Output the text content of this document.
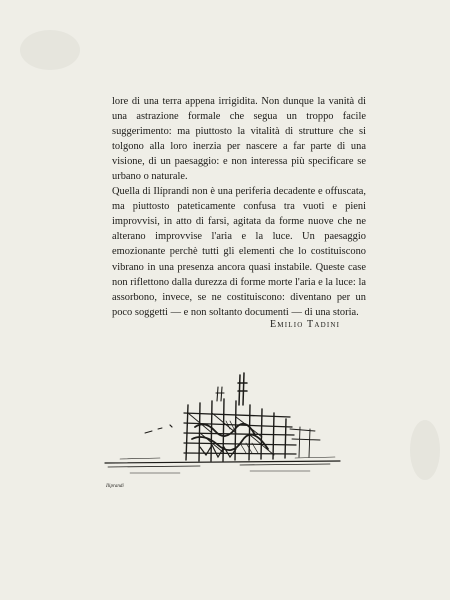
lore di una terra appena irrigidita. Non dunque la vanità di una astrazione formale che segua un troppo facile suggerimento: ma piuttosto la vitalità di strutture che si tolgono alla loro inerzia per nascere a far parte di una visione, di un paesaggio: e non interessa più specificare se urbano o naturale.

Quella di Ilíprandi non è una periferia decadente e offuscata, ma piuttosto pateticamente confusa tra vuoti e pieni improvvisi, in atto di farsi, agitata da forme nuove che ne alterano improvvise l'aria e la luce. Un paesaggio emozionante perchè tutti gli elementi che lo costituiscono vibrano in una presenza ancora quasi instabile. Queste case non riflettono dalla durezza di forme morte l'aria e la luce: la assorbono, invece, se ne costituiscono: diventano per un poco soggetti — e non soltanto documenti — di una storia.

Emilio Tadini
Iliprandi
